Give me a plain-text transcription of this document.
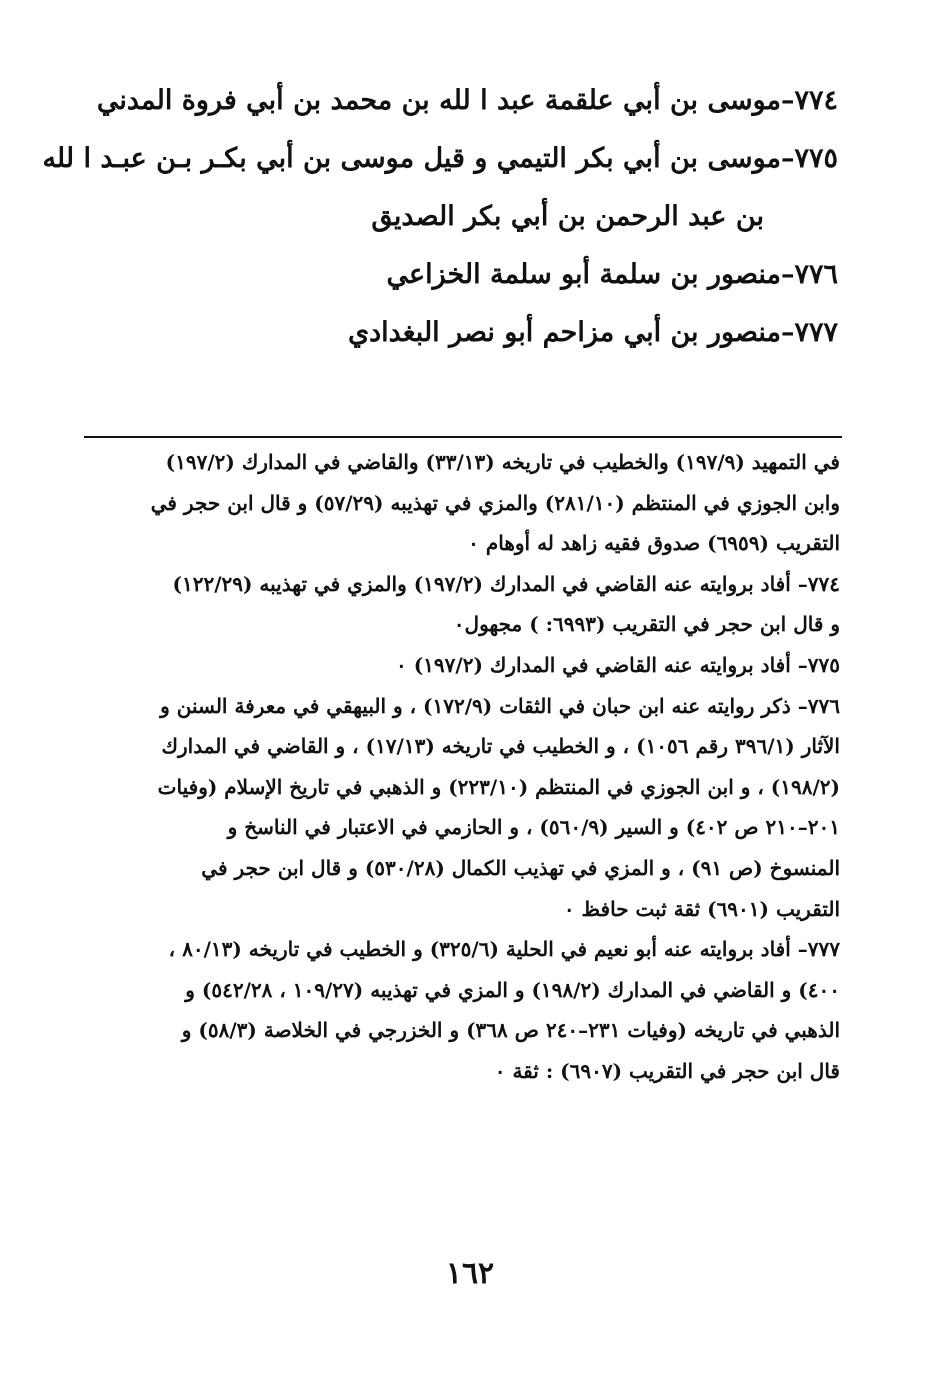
٧٧٤–موسى بن أبي علقمة عبد ا لله بن محمد بن أبي فروة المدني
٧٧٥–موسى بن أبي بكر التيمي و قيل موسى بن أبي بكـر بـن عبـد ا لله
بن عبد الرحمن بن أبي بكر الصديق
٧٧٦–منصور بن سلمة أبو سلمة الخزاعي
٧٧٧–منصور بن أبي مزاحم أبو نصر البغدادي
في التمهيد (١٩٧/٩) والخطيب في تاريخه (٣٣/١٣) والقاضي في المدارك (١٩٧/٢)
وابن الجوزي في المنتظم (٢٨١/١٠) والمزي في تهذيبه (٥٧/٢٩) و قال ابن حجر في
التقريب (٦٩٥٩) صدوق فقيه زاهد له أوهام ٠
٧٧٤– أفاد بروايته عنه القاضي في المدارك (١٩٧/٢) والمزي في تهذيبه (١٢٢/٢٩)
و قال ابن حجر في التقريب (٦٩٩٣: ) مجهول٠
٧٧٥– أفاد بروايته عنه القاضي في المدارك (١٩٧/٢) ٠
٧٧٦– ذكر روايته عنه ابن حبان في الثقات (١٧٢/٩) ، و البيهقي في معرفة السنن و
الآثار (٣٩٦/١ رقم ١٠٥٦) ، و الخطيب في تاريخه (١٧/١٣) ، و القاضي في المدارك
(١٩٨/٢) ، و ابن الجوزي في المنتظم (٢٢٣/١٠) و الذهبي في تاريخ الإسلام (وفيات
٢٠١–٢١٠ ص ٤٠٢) و السير (٥٦٠/٩) ، و الحازمي في الاعتبار في الناسخ و
المنسوخ (ص ٩١) ، و المزي في تهذيب الكمال (٥٣٠/٢٨) و قال ابن حجر في
التقريب (٦٩٠١) ثقة ثبت حافظ ٠
٧٧٧– أفاد بروايته عنه أبو نعيم في الحلية (٣٢٥/٦) و الخطيب في تاريخه (٨٠/١٣ ،
٤٠٠) و القاضي في المدارك (١٩٨/٢) و المزي في تهذيبه (١٠٩/٢٧ ، ٥٤٢/٢٨) و
الذهبي في تاريخه (وفيات ٢٣١–٢٤٠ ص ٣٦٨) و الخزرجي في الخلاصة (٥٨/٣) و
قال ابن حجر في التقريب (٦٩٠٧) : ثقة ٠
١٦٢
